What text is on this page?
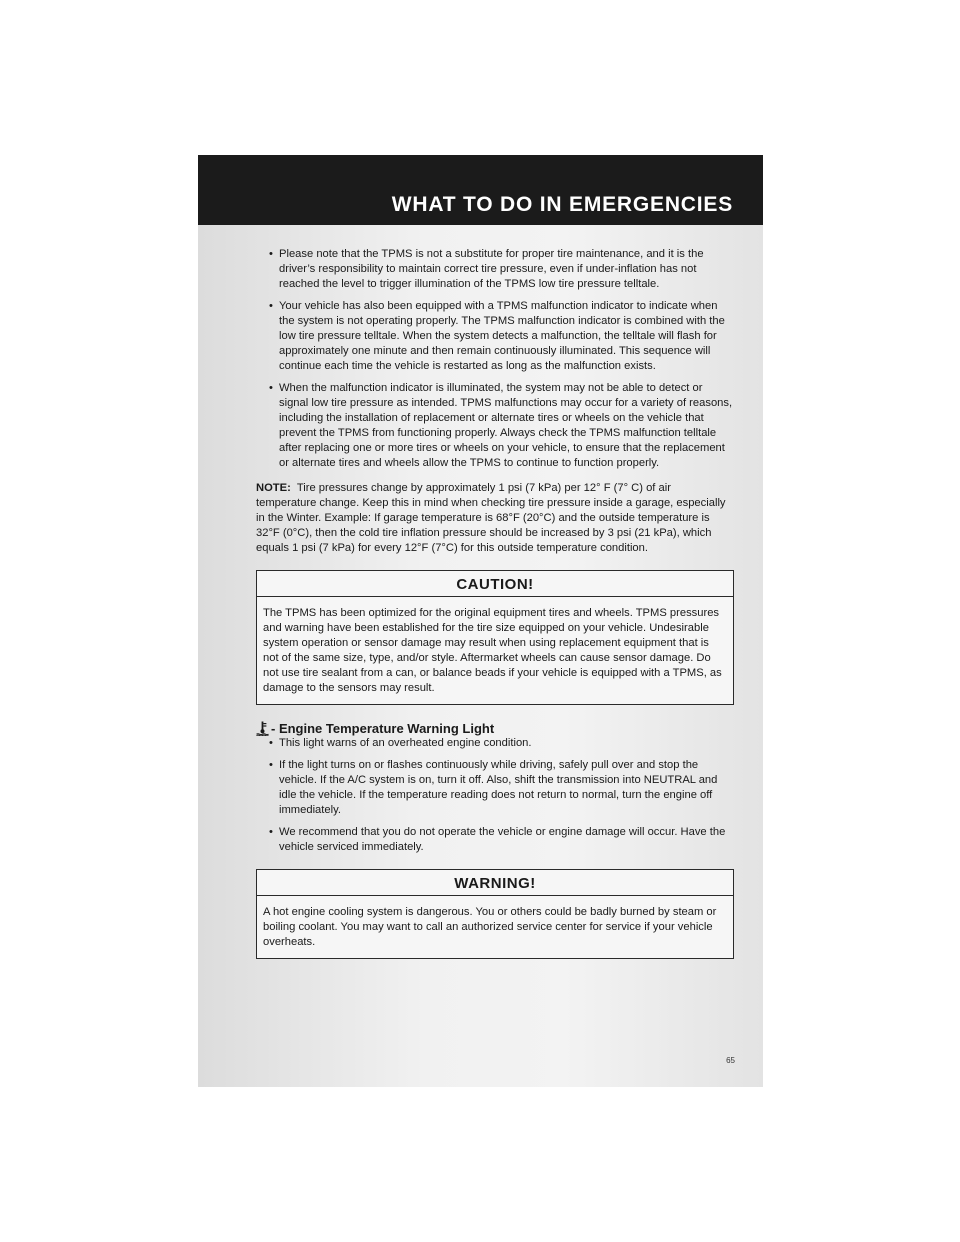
WHAT TO DO IN EMERGENCIES
• Please note that the TPMS is not a substitute for proper tire maintenance, and it is the driver’s responsibility to maintain correct tire pressure, even if under-inflation has not reached the level to trigger illumination of the TPMS low tire pressure telltale.
• Your vehicle has also been equipped with a TPMS malfunction indicator to indicate when the system is not operating properly. The TPMS malfunction indicator is combined with the low tire pressure telltale. When the system detects a malfunction, the telltale will flash for approximately one minute and then remain continuously illuminated. This sequence will continue each time the vehicle is restarted as long as the malfunction exists.
• When the malfunction indicator is illuminated, the system may not be able to detect or signal low tire pressure as intended. TPMS malfunctions may occur for a variety of reasons, including the installation of replacement or alternate tires or wheels on the vehicle that prevent the TPMS from functioning properly. Always check the TPMS malfunction telltale after replacing one or more tires or wheels on your vehicle, to ensure that the replacement or alternate tires and wheels allow the TPMS to continue to function properly.

NOTE: Tire pressures change by approximately 1 psi (7 kPa) per 12° F (7° C) of air temperature change. Keep this in mind when checking tire pressure inside a garage, especially in the Winter. Example: If garage temperature is 68°F (20°C) and the outside temperature is 32°F (0°C), then the cold tire inflation pressure should be increased by 3 psi (21 kPa), which equals 1 psi (7 kPa) for every 12°F (7°C) for this outside temperature condition.

CAUTION!
The TPMS has been optimized for the original equipment tires and wheels. TPMS pressures and warning have been established for the tire size equipped on your vehicle. Undesirable system operation or sensor damage may result when using replacement equipment that is not of the same size, type, and/or style. Aftermarket wheels can cause sensor damage. Do not use tire sealant from a can, or balance beads if your vehicle is equipped with a TPMS, as damage to the sensors may result.
- Engine Temperature Warning Light
• This light warns of an overheated engine condition.
• If the light turns on or flashes continuously while driving, safely pull over and stop the vehicle. If the A/C system is on, turn it off. Also, shift the transmission into NEUTRAL and idle the vehicle. If the temperature reading does not return to normal, turn the engine off immediately.
• We recommend that you do not operate the vehicle or engine damage will occur. Have the vehicle serviced immediately.
WARNING!
A hot engine cooling system is dangerous. You or others could be badly burned by steam or boiling coolant. You may want to call an authorized service center for service if your vehicle overheats.
65
